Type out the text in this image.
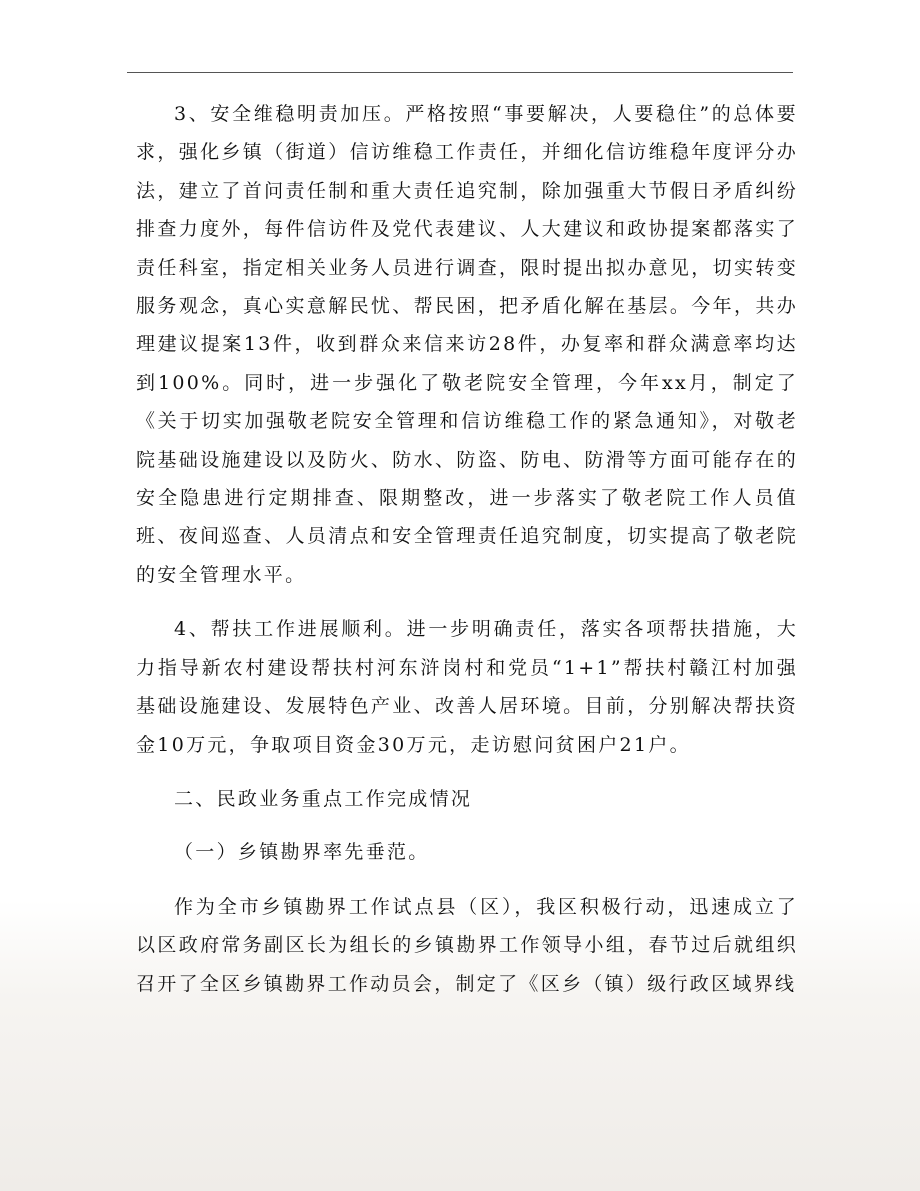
3、安全维稳明责加压。严格按照“事要解决，人要稳住”的总体要求，强化乡镇（街道）信访维稳工作责任，并细化信访维稳年度评分办法，建立了首问责任制和重大责任追究制，除加强重大节假日矛盾纠纷排查力度外，每件信访件及党代表建议、人大建议和政协提案都落实了责任科室，指定相关业务人员进行调查，限时提出拟办意见，切实转变服务观念，真心实意解民忧、帮民困，把矛盾化解在基层。今年，共办理建议提案13件，收到群众来信来访28件，办复率和群众满意率均达到100%。同时，进一步强化了敬老院安全管理，今年xx月，制定了《关于切实加强敬老院安全管理和信访维稳工作的紧急通知》，对敬老院基础设施建设以及防火、防水、防盗、防电、防滑等方面可能存在的安全隐患进行定期排查、限期整改，进一步落实了敬老院工作人员值班、夜间巡查、人员清点和安全管理责任追究制度，切实提高了敬老院的安全管理水平。

4、帮扶工作进展顺利。进一步明确责任，落实各项帮扶措施，大力指导新农村建设帮扶村河东浒岗村和党员“1+1”帮扶村赣江村加强基础设施建设、发展特色产业、改善人居环境。目前，分别解决帮扶资金10万元，争取项目资金30万元，走访慰问贫困户21户。

二、民政业务重点工作完成情况

（一）乡镇勘界率先垂范。

作为全市乡镇勘界工作试点县（区），我区积极行动，迅速成立了以区政府常务副区长为组长的乡镇勘界工作领导小组，春节过后就组织召开了全区乡镇勘界工作动员会，制定了《区乡（镇）级行政区域界线
